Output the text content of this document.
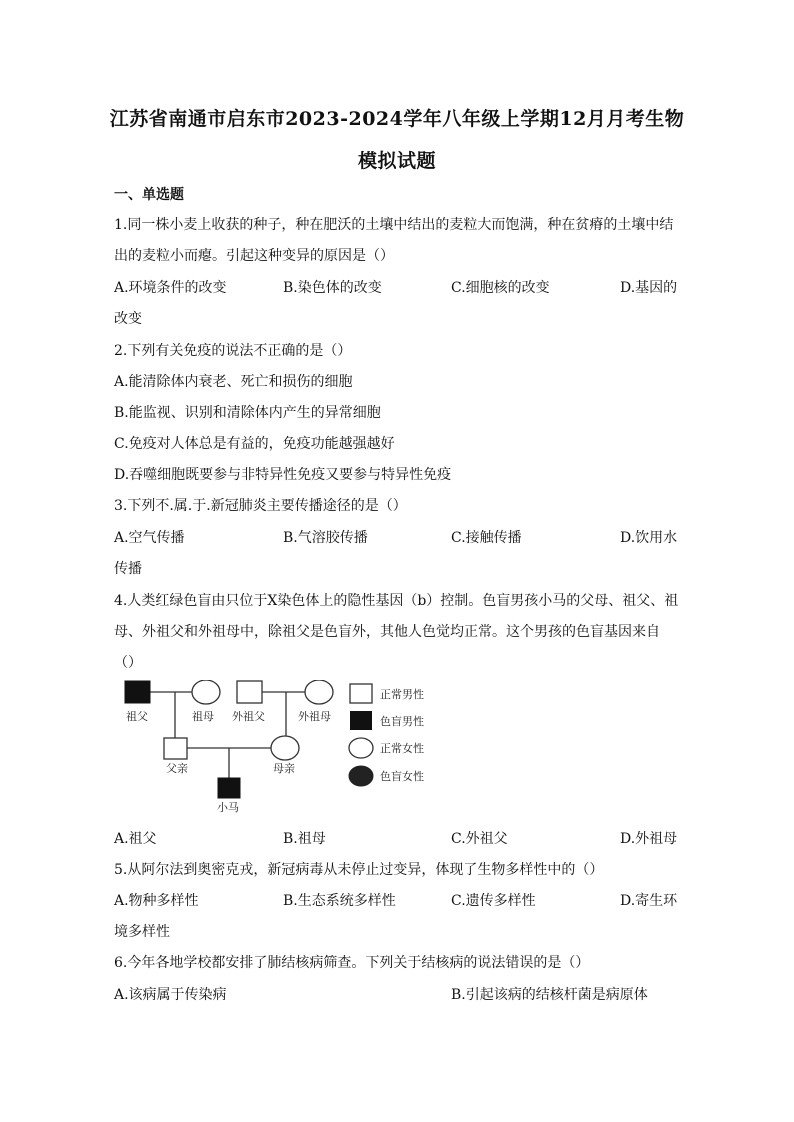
江苏省南通市启东市2023-2024学年八年级上学期12月月考生物
模拟试题
一、单选题
1.同一株小麦上收获的种子，种在肥沃的土壤中结出的麦粒大而饱满，种在贫瘠的土壤中结
出的麦粒小而瘪。引起这种变异的原因是（）
A.环境条件的改变	B.染色体的改变	C.细胞核的改变	D.基因的
改变
2.下列有关免疫的说法不正确的是（）
A.能清除体内衰老、死亡和损伤的细胞
B.能监视、识别和清除体内产生的异常细胞
C.免疫对人体总是有益的，免疫功能越强越好
D.吞噬细胞既要参与非特异性免疫又要参与特异性免疫
3.下列不.属.于.新冠肺炎主要传播途径的是（）
A.空气传播	B.气溶胶传播	C.接触传播	D.饮用水
传播
4.人类红绿色盲由只位于X染色体上的隐性基因（b）控制。色盲男孩小马的父母、祖父、祖
母、外祖父和外祖母中，除祖父是色盲外，其他人色觉均正常。这个男孩的色盲基因来自
（）
祖父	祖母 外祖父	外祖母
父亲	母亲
小马
正常男性
色盲男性
正常女性
色盲女性
A.祖父	B.祖母	C.外祖父	D.外祖母
5.从阿尔法到奥密克戎，新冠病毒从未停止过变异，体现了生物多样性中的（）
A.物种多样性	B.生态系统多样性	C.遗传多样性	D.寄生环
境多样性
6.今年各地学校都安排了肺结核病筛查。下列关于结核病的说法错误的是（）
A.该病属于传染病	B.引起该病的结核杆菌是病原体
